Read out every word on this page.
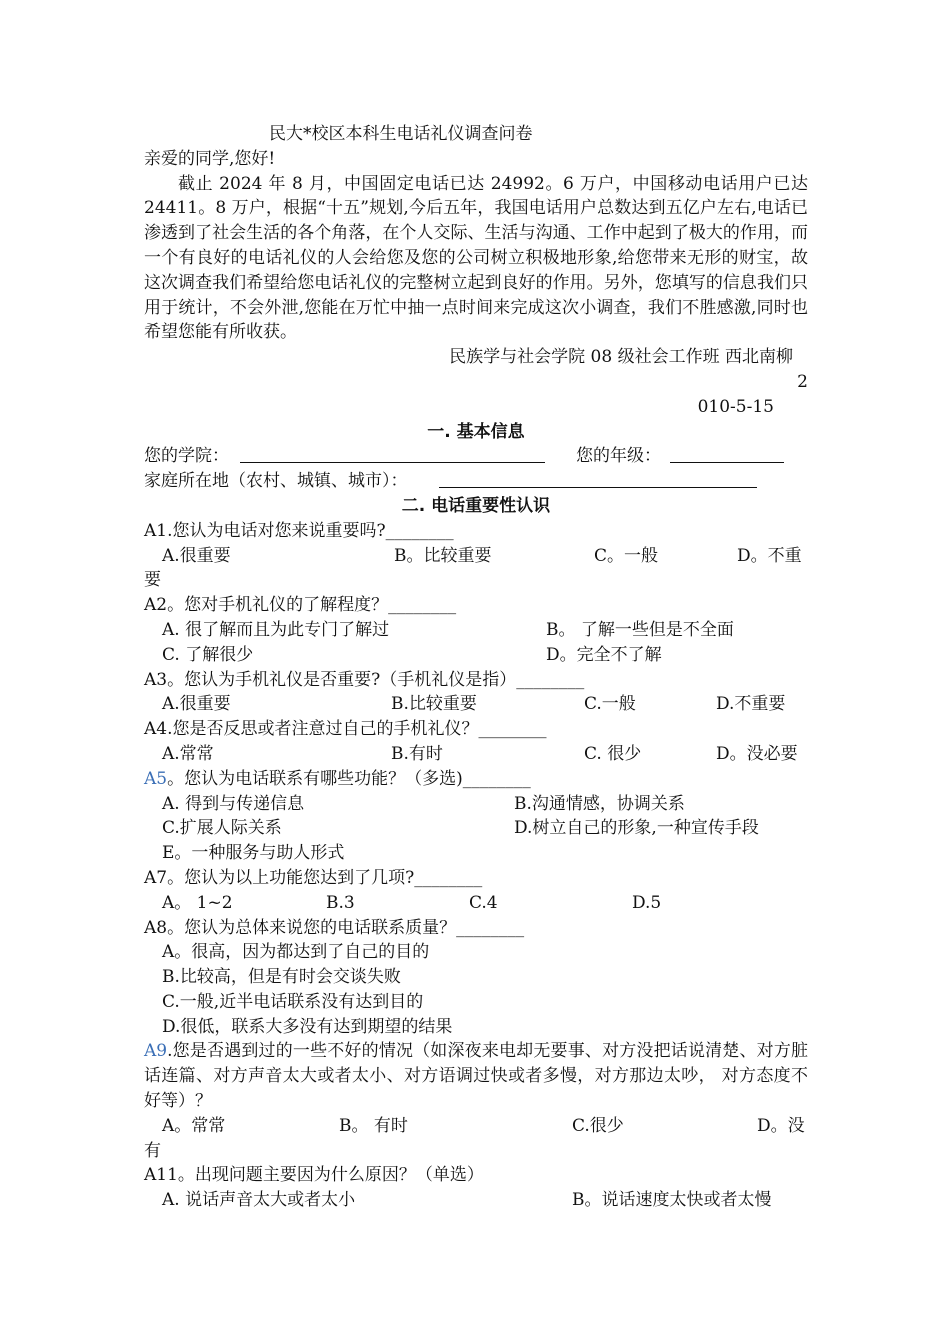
民大*校区本科生电话礼仪调查问卷
亲爱的同学,您好!

截止 2024 年 8 月，中国固定电话已达 24992。6 万户，中国移动电话用户已达 24411。8 万户，根据“十五”规划,今后五年，我国电话用户总数达到五亿户左右,电话已渗透到了社会生活的各个角落，在个人交际、生活与沟通、工作中起到了极大的作用，而一个有良好的电话礼仪的人会给您及您的公司树立积极地形象,给您带来无形的财宝，故这次调查我们希望给您电话礼仪的完整树立起到良好的作用。另外，您填写的信息我们只用于统计，不会外泄,您能在万忙中抽一点时间来完成这次小调查，我们不胜感激,同时也希望您能有所收获。

民族学与社会学院 08 级社会工作班 西北南柳
2
010-5-15
一. 基本信息
您的学院：	您的年级：
家庭所在地（农村、城镇、城市）：
二. 电话重要性认识
A1.您认为电话对您来说重要吗?________
A.很重要	B。比较重要	C。一般	D。不重
要
A2。您对手机礼仪的了解程度？________
A. 很了解而且为此专门了解过	B。 了解一些但是不全面
C. 了解很少	D。完全不了解
A3。您认为手机礼仪是否重要?（手机礼仪是指）________
A.很重要	B.比较重要	C.一般	D.不重要
A4.您是否反思或者注意过自己的手机礼仪？________
A.常常	B.有时	C. 很少	D。没必要
A5。您认为电话联系有哪些功能？（多选)________
A. 得到与传递信息	B.沟通情感，协调关系
C.扩展人际关系	D.树立自己的形象,一种宣传手段
E。一种服务与助人形式
A7。您认为以上功能您达到了几项?________
A。 1~2	B.3	C.4	D.5
A8。您认为总体来说您的电话联系质量？________
A。很高，因为都达到了自己的目的
B.比较高，但是有时会交谈失败
C.一般,近半电话联系没有达到目的
D.很低，联系大多没有达到期望的结果
A9.您是否遇到过的一些不好的情况（如深夜来电却无要事、对方没把话说清楚、对方脏话连篇、对方声音太大或者太小、对方语调过快或者多慢，对方那边太吵， 对方态度不好等）？
A。常常	B。 有时	C.很少	D。没
有
A11。出现问题主要因为什么原因？（单选）
A. 说话声音太大或者太小	B。说话速度太快或者太慢
